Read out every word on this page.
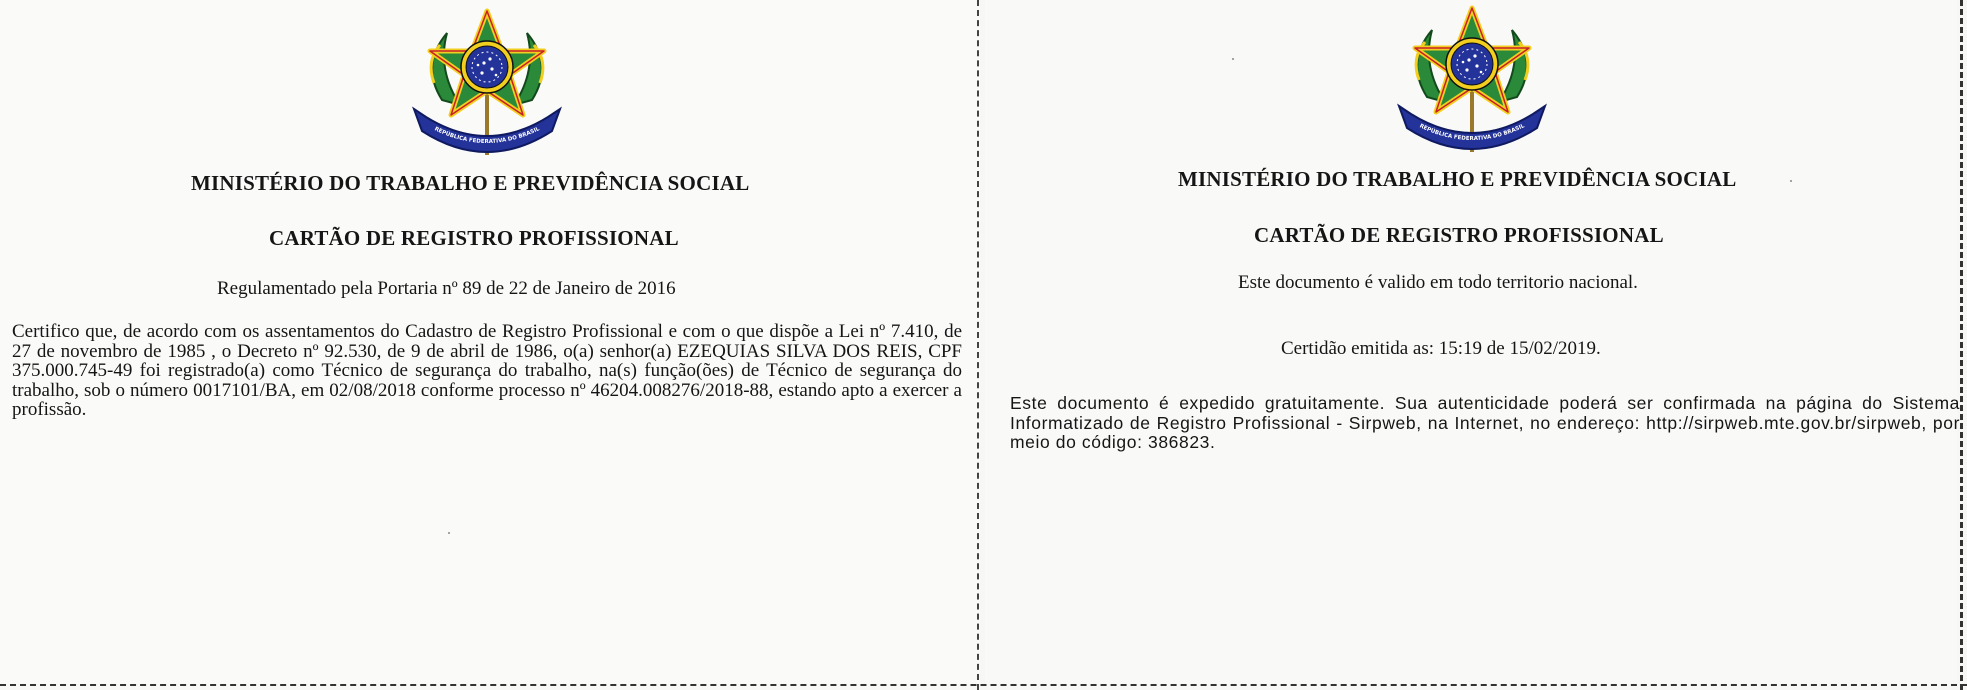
REPÚBLICA FEDERATIVA DO BRASIL
MINISTÉRIO DO TRABALHO E PREVIDÊNCIA SOCIAL
CARTÃO DE REGISTRO PROFISSIONAL
Regulamentado pela Portaria nº 89 de 22 de Janeiro de 2016
Certifico que, de acordo com os assentamentos do Cadastro de Registro Profissional e com o que dispõe a Lei nº 7.410, de 27 de novembro de 1985 , o Decreto nº 92.530, de 9 de abril de 1986, o(a) senhor(a) EZEQUIAS SILVA DOS REIS, CPF 375.000.745-49 foi registrado(a) como Técnico de segurança do trabalho, na(s) função(ões) de Técnico de segurança do trabalho, sob o número 0017101/BA, em 02/08/2018 conforme processo nº 46204.008276/2018-88, estando apto a exercer a profissão.
REPÚBLICA FEDERATIVA DO BRASIL
MINISTÉRIO DO TRABALHO E PREVIDÊNCIA SOCIAL
CARTÃO DE REGISTRO PROFISSIONAL
Este documento é valido em todo territorio nacional.
Certidão emitida as: 15:19 de 15/02/2019.
Este documento é expedido gratuitamente. Sua autenticidade poderá ser confirmada na página do Sistema Informatizado de Registro Profissional - Sirpweb, na Internet, no endereço: http://sirpweb.mte.gov.br/sirpweb, por meio do código: 386823.
